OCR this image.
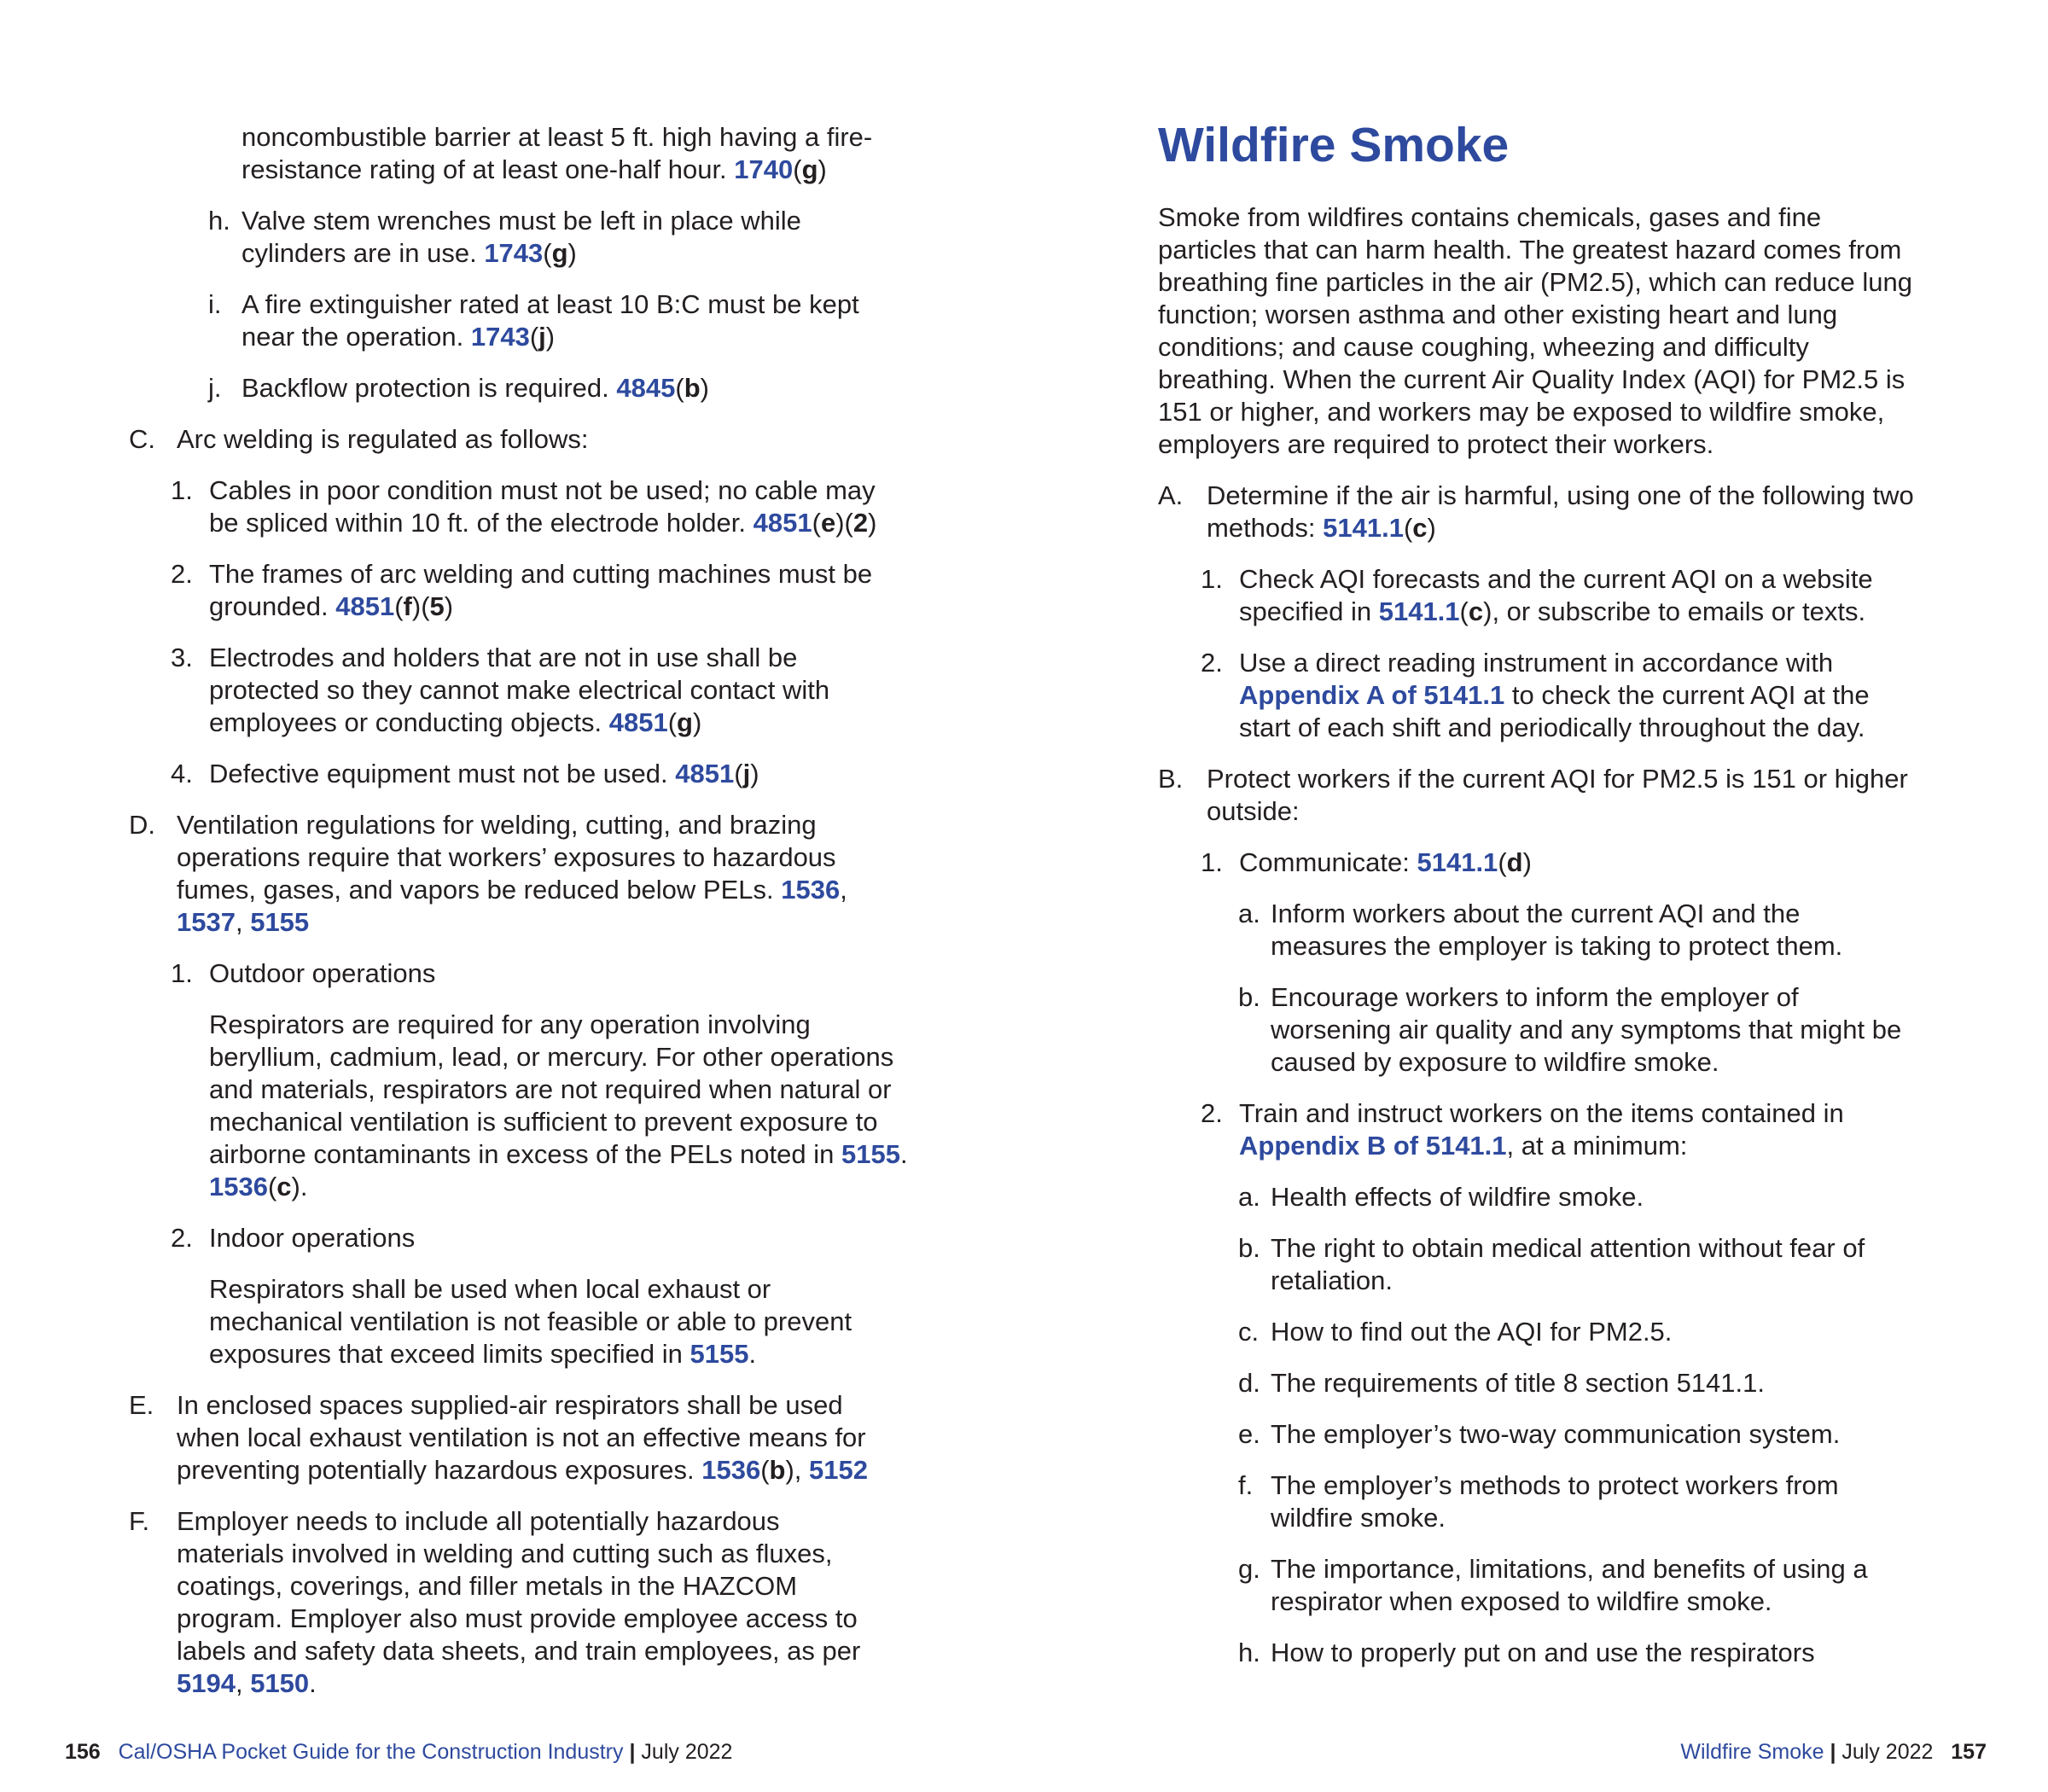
noncombustible barrier at least 5 ft. high having a fire-resistance rating of at least one-half hour. 1740(g)

h. Valve stem wrenches must be left in place while cylinders are in use. 1743(g)

i. A fire extinguisher rated at least 10 B:C must be kept near the operation. 1743(j)

j. Backflow protection is required. 4845(b)

C. Arc welding is regulated as follows:

1. Cables in poor condition must not be used; no cable may be spliced within 10 ft. of the electrode holder. 4851(e)(2)

2. The frames of arc welding and cutting machines must be grounded. 4851(f)(5)

3. Electrodes and holders that are not in use shall be protected so they cannot make electrical contact with employees or conducting objects. 4851(g)

4. Defective equipment must not be used. 4851(j)

D. Ventilation regulations for welding, cutting, and brazing operations require that workers’ exposures to hazardous fumes, gases, and vapors be reduced below PELs. 1536, 1537, 5155

1. Outdoor operations

Respirators are required for any operation involving beryllium, cadmium, lead, or mercury. For other operations and materials, respirators are not required when natural or mechanical ventilation is sufficient to prevent exposure to airborne contaminants in excess of the PELs noted in 5155. 1536(c).

2. Indoor operations

Respirators shall be used when local exhaust or mechanical ventilation is not feasible or able to prevent exposures that exceed limits specified in 5155.

E. In enclosed spaces supplied-air respirators shall be used when local exhaust ventilation is not an effective means for preventing potentially hazardous exposures. 1536(b), 5152

F. Employer needs to include all potentially hazardous materials involved in welding and cutting such as fluxes, coatings, coverings, and filler metals in the HAZCOM program. Employer also must provide employee access to labels and safety data sheets, and train employees, as per 5194, 5150.

156 Cal/OSHA Pocket Guide for the Construction Industry | July 2022
Wildfire Smoke

Smoke from wildfires contains chemicals, gases and fine particles that can harm health. The greatest hazard comes from breathing fine particles in the air (PM2.5), which can reduce lung function; worsen asthma and other existing heart and lung conditions; and cause coughing, wheezing and difficulty breathing. When the current Air Quality Index (AQI) for PM2.5 is 151 or higher, and workers may be exposed to wildfire smoke, employers are required to protect their workers.

A. Determine if the air is harmful, using one of the following two methods: 5141.1(c)

1. Check AQI forecasts and the current AQI on a website specified in 5141.1(c), or subscribe to emails or texts.

2. Use a direct reading instrument in accordance with Appendix A of 5141.1 to check the current AQI at the start of each shift and periodically throughout the day.

B. Protect workers if the current AQI for PM2.5 is 151 or higher outside:

1. Communicate: 5141.1(d)

a. Inform workers about the current AQI and the measures the employer is taking to protect them.

b. Encourage workers to inform the employer of worsening air quality and any symptoms that might be caused by exposure to wildfire smoke.

2. Train and instruct workers on the items contained in Appendix B of 5141.1, at a minimum:

a. Health effects of wildfire smoke.

b. The right to obtain medical attention without fear of retaliation.

c. How to find out the AQI for PM2.5.

d. The requirements of title 8 section 5141.1.

e. The employer’s two-way communication system.

f. The employer’s methods to protect workers from wildfire smoke.

g. The importance, limitations, and benefits of using a respirator when exposed to wildfire smoke.

h. How to properly put on and use the respirators

Wildfire Smoke | July 2022 157
